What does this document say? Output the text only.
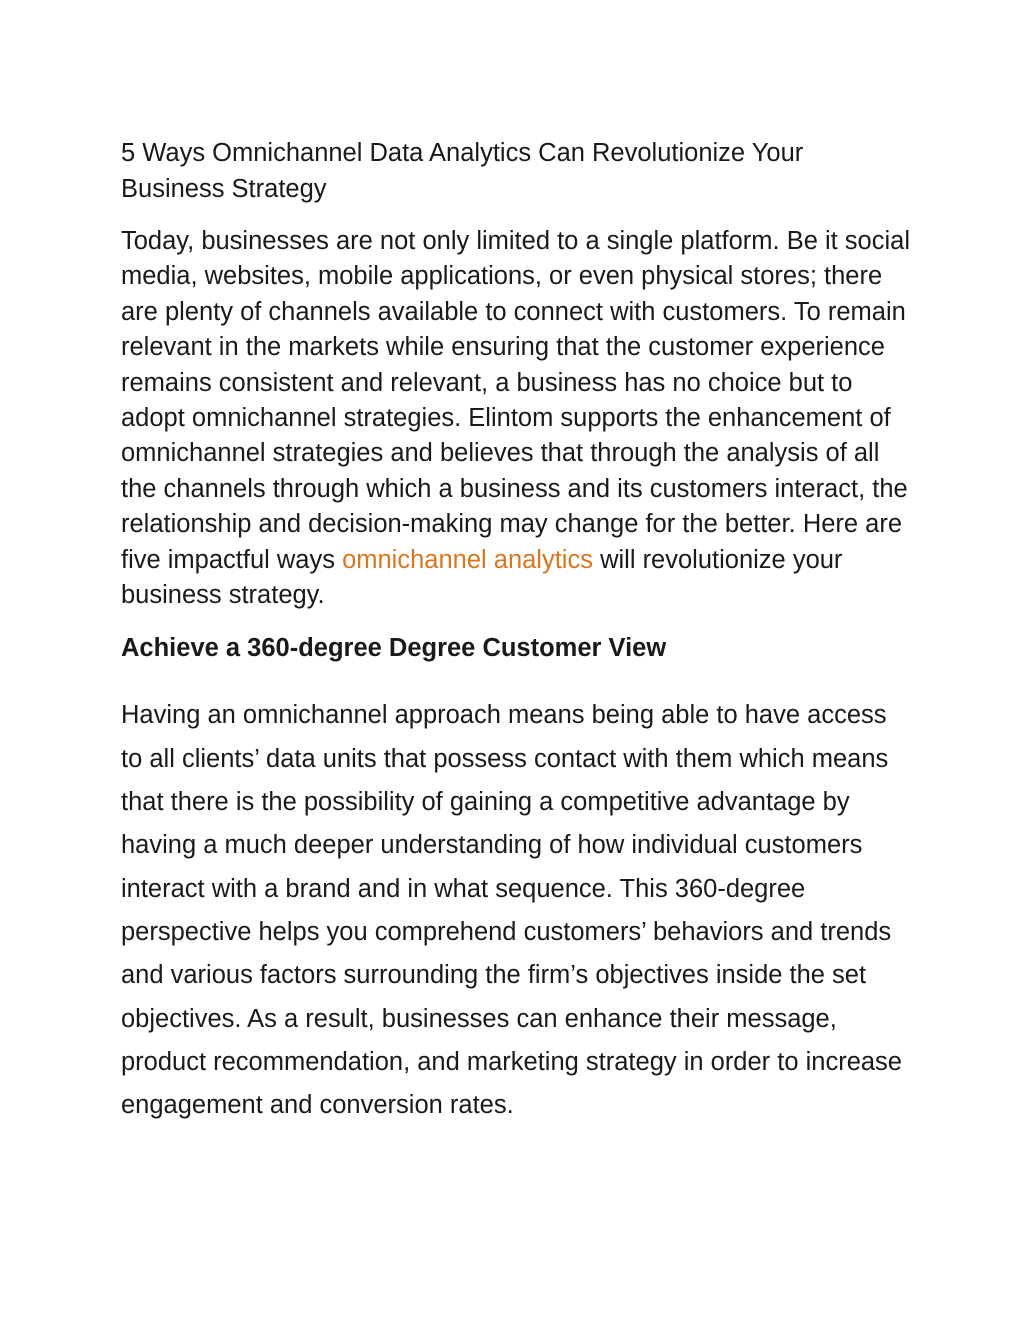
5 Ways Omnichannel Data Analytics Can Revolutionize Your Business Strategy

Today, businesses are not only limited to a single platform. Be it social media, websites, mobile applications, or even physical stores; there are plenty of channels available to connect with customers. To remain relevant in the markets while ensuring that the customer experience remains consistent and relevant, a business has no choice but to adopt omnichannel strategies. Elintom supports the enhancement of omnichannel strategies and believes that through the analysis of all the channels through which a business and its customers interact, the relationship and decision-making may change for the better. Here are five impactful ways omnichannel analytics will revolutionize your business strategy.

Achieve a 360-degree Degree Customer View

Having an omnichannel approach means being able to have access to all clients’ data units that possess contact with them which means that there is the possibility of gaining a competitive advantage by having a much deeper understanding of how individual customers interact with a brand and in what sequence. This 360-degree perspective helps you comprehend customers’ behaviors and trends and various factors surrounding the firm’s objectives inside the set objectives. As a result, businesses can enhance their message, product recommendation, and marketing strategy in order to increase engagement and conversion rates.
